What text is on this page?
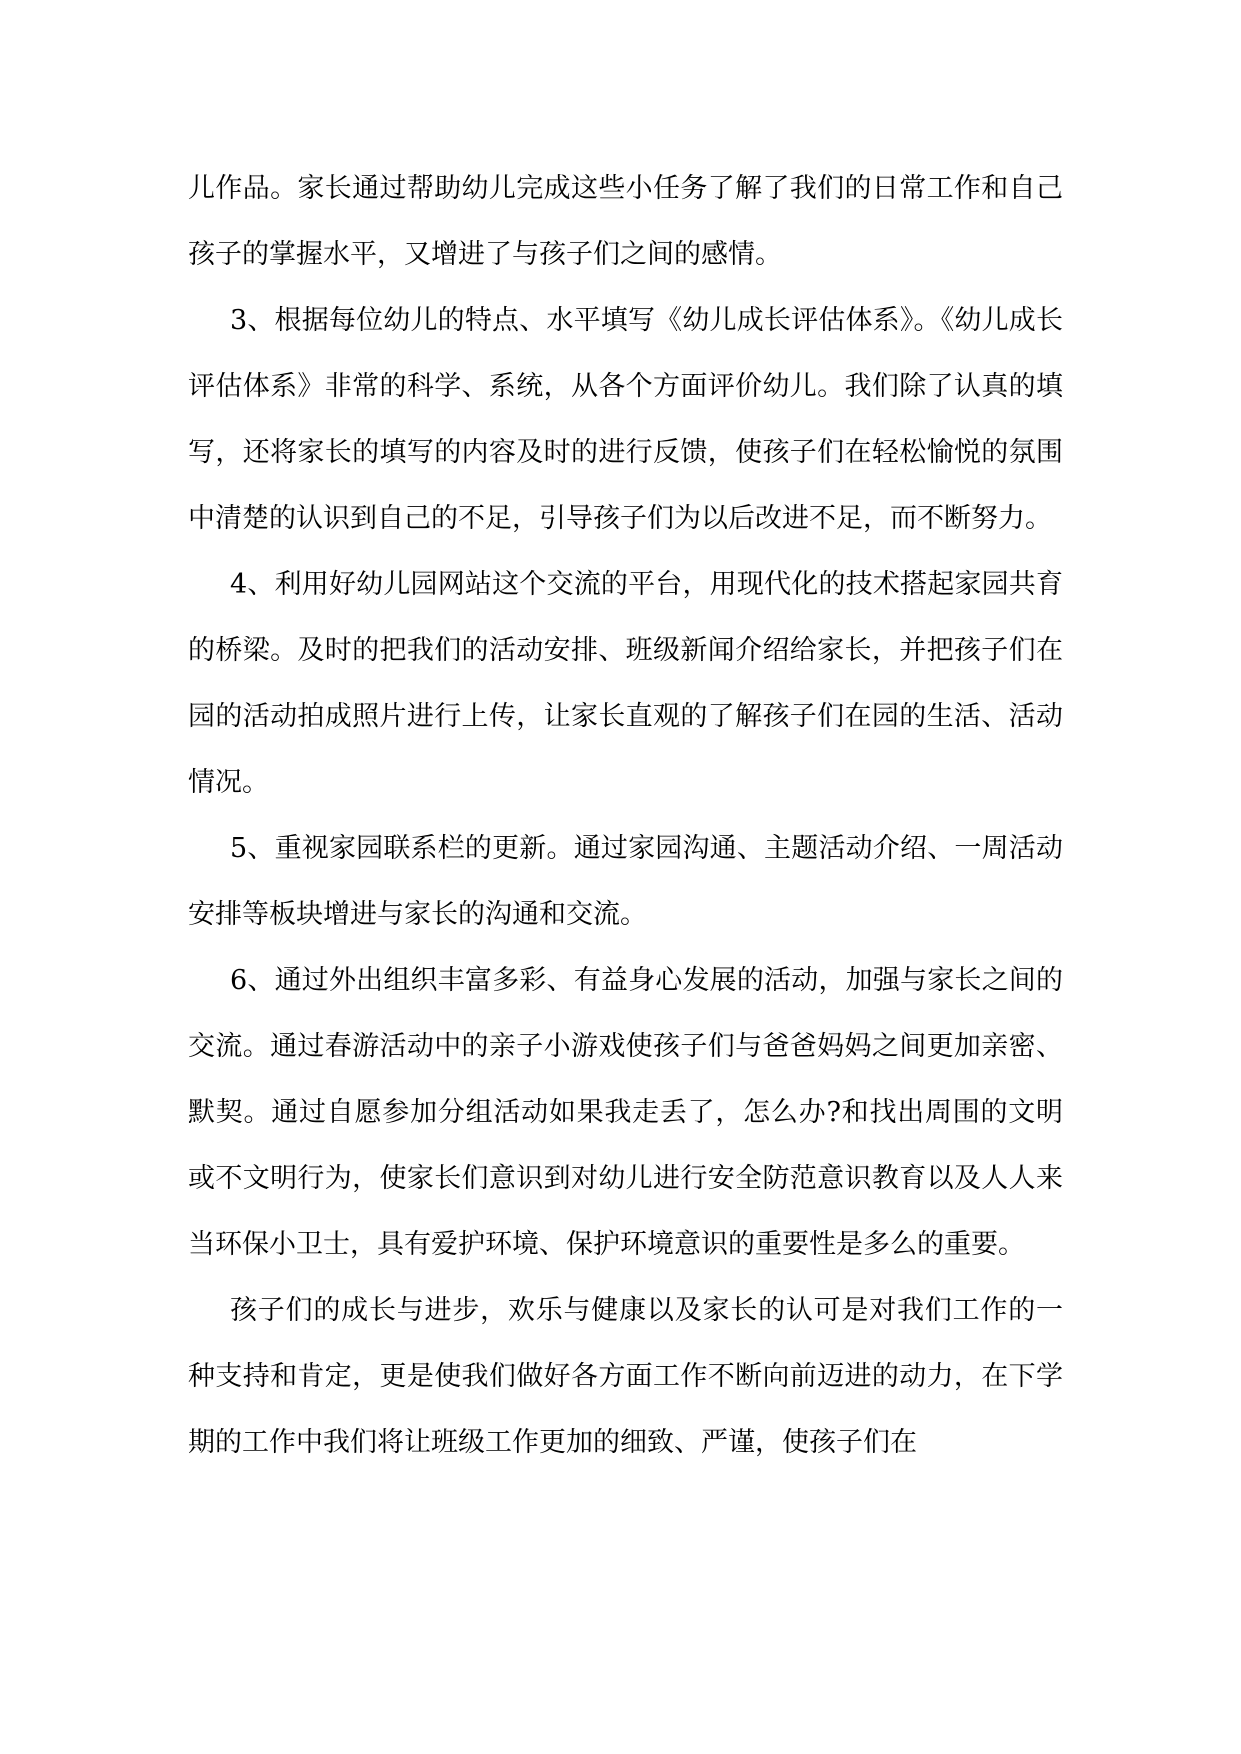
儿作品。家长通过帮助幼儿完成这些小任务了解了我们的日常工作和自己孩子的掌握水平，又增进了与孩子们之间的感情。

3、根据每位幼儿的特点、水平填写《幼儿成长评估体系》。《幼儿成长评估体系》非常的科学、系统，从各个方面评价幼儿。我们除了认真的填写，还将家长的填写的内容及时的进行反馈，使孩子们在轻松愉悦的氛围中清楚的认识到自己的不足，引导孩子们为以后改进不足，而不断努力。

4、利用好幼儿园网站这个交流的平台，用现代化的技术搭起家园共育的桥梁。及时的把我们的活动安排、班级新闻介绍给家长，并把孩子们在园的活动拍成照片进行上传，让家长直观的了解孩子们在园的生活、活动情况。

5、重视家园联系栏的更新。通过家园沟通、主题活动介绍、一周活动安排等板块增进与家长的沟通和交流。

6、通过外出组织丰富多彩、有益身心发展的活动，加强与家长之间的交流。通过春游活动中的亲子小游戏使孩子们与爸爸妈妈之间更加亲密、默契。通过自愿参加分组活动如果我走丢了，怎么办?和找出周围的文明或不文明行为，使家长们意识到对幼儿进行安全防范意识教育以及人人来当环保小卫士，具有爱护环境、保护环境意识的重要性是多么的重要。

孩子们的成长与进步，欢乐与健康以及家长的认可是对我们工作的一种支持和肯定，更是使我们做好各方面工作不断向前迈进的动力，在下学期的工作中我们将让班级工作更加的细致、严谨，使孩子们在
